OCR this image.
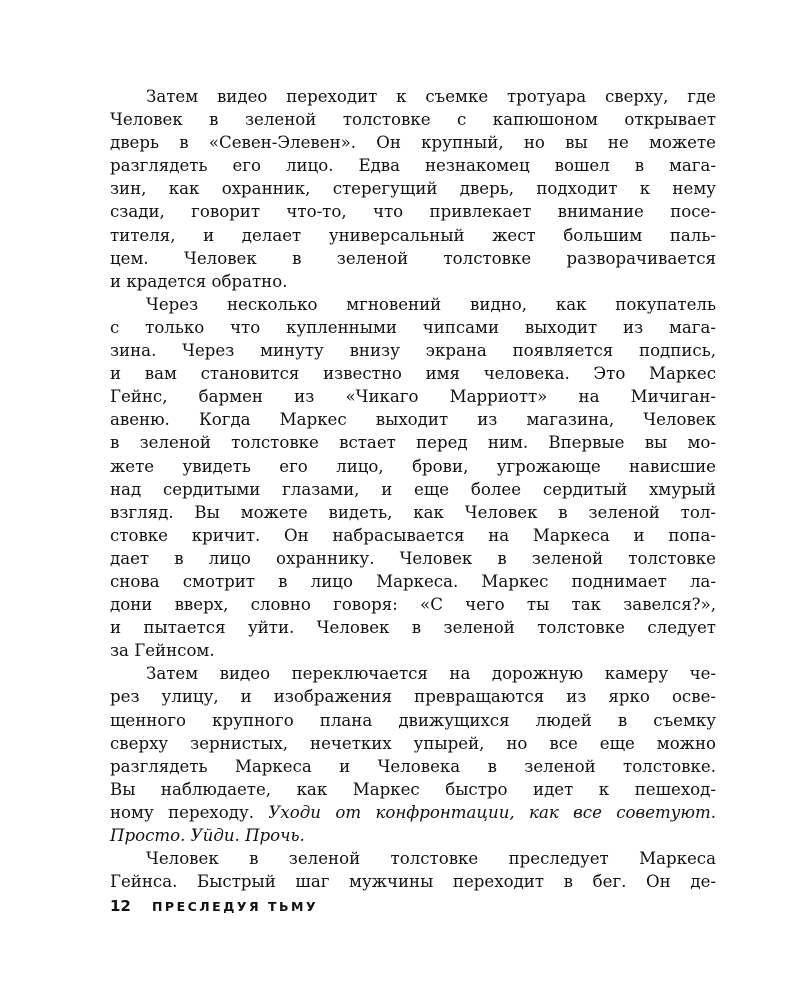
Затем видео переходит к съемке тротуара сверху, где
Человек в зеленой толстовке с капюшоном открывает
дверь в «Севен-Элевен». Он крупный, но вы не можете
разглядеть его лицо. Едва незнакомец вошел в мага-
зин, как охранник, стерегущий дверь, подходит к нему
сзади, говорит что-то, что привлекает внимание посе-
тителя, и делает универсальный жест большим паль-
цем. Человек в зеленой толстовке разворачивается
и крадется обратно.
Через несколько мгновений видно, как покупатель
с только что купленными чипсами выходит из мага-
зина. Через минуту внизу экрана появляется подпись,
и вам становится известно имя человека. Это Маркес
Гейнс, бармен из «Чикаго Марриотт» на Мичиган-
авеню. Когда Маркес выходит из магазина, Человек
в зеленой толстовке встает перед ним. Впервые вы мо-
жете увидеть его лицо, брови, угрожающе нависшие
над сердитыми глазами, и еще более сердитый хмурый
взгляд. Вы можете видеть, как Человек в зеленой тол-
стовке кричит. Он набрасывается на Маркеса и попа-
дает в лицо охраннику. Человек в зеленой толстовке
снова смотрит в лицо Маркеса. Маркес поднимает ла-
дони вверх, словно говоря: «С чего ты так завелся?»,
и пытается уйти. Человек в зеленой толстовке следует
за Гейнсом.
Затем видео переключается на дорожную камеру че-
рез улицу, и изображения превращаются из ярко осве-
щенного крупного плана движущихся людей в съемку
сверху зернистых, нечетких упырей, но все еще можно
разглядеть Маркеса и Человека в зеленой толстовке.
Вы наблюдаете, как Маркес быстро идет к пешеход-
ному переходу. Уходи от конфронтации, как все советуют.
Просто. Уйди. Прочь.
Человек в зеленой толстовке преследует Маркеса
Гейнса. Быстрый шаг мужчины переходит в бег. Он де-
12 ПРЕСЛЕДУЯ ТЬМУ
